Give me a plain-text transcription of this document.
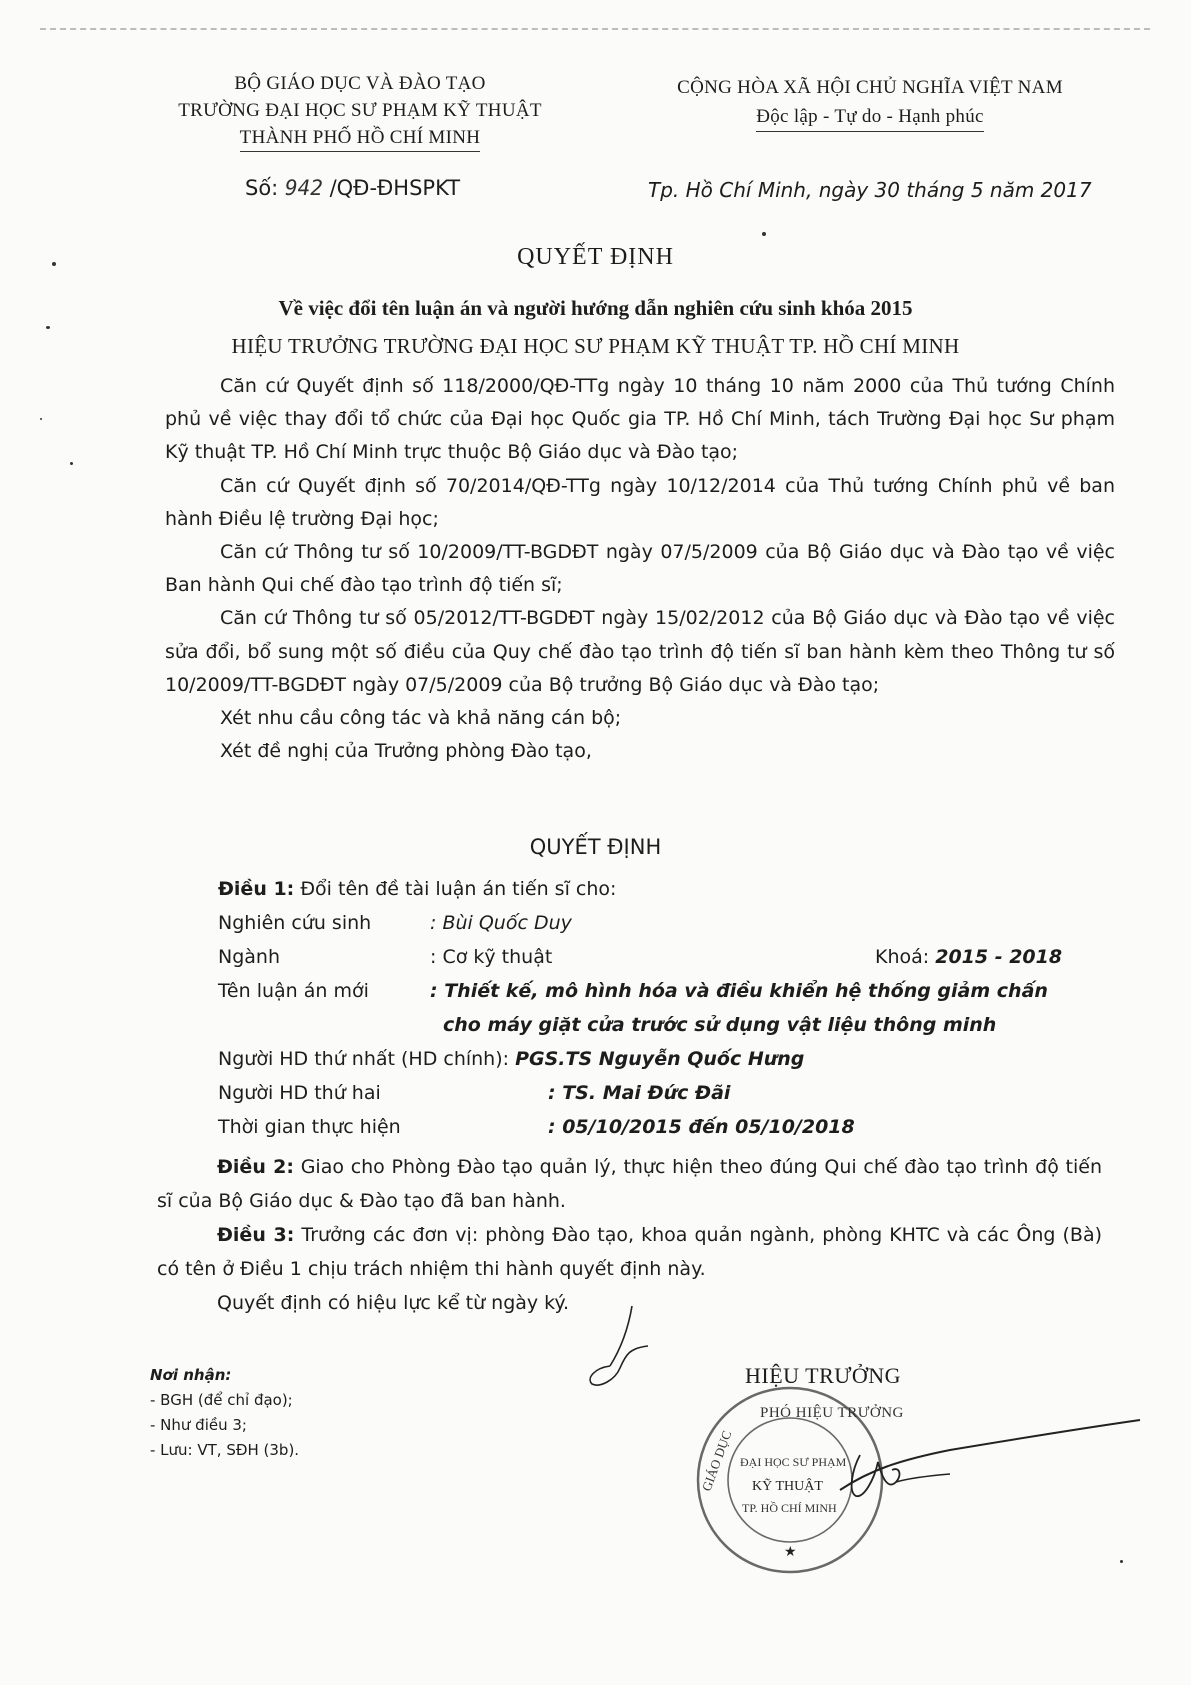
BỘ GIÁO DỤC VÀ ĐÀO TẠO
TRƯỜNG ĐẠI HỌC SƯ PHẠM KỸ THUẬT
THÀNH PHỐ HỒ CHÍ MINH
CỘNG HÒA XÃ HỘI CHỦ NGHĨA VIỆT NAM
Độc lập - Tự do - Hạnh phúc
Số: 942 /QĐ-ĐHSPKT	Tp. Hồ Chí Minh, ngày 30 tháng 5 năm 2017
QUYẾT ĐỊNH
Về việc đổi tên luận án và người hướng dẫn nghiên cứu sinh khóa 2015
HIỆU TRƯỞNG TRƯỜNG ĐẠI HỌC SƯ PHẠM KỸ THUẬT TP. HỒ CHÍ MINH

Căn cứ Quyết định số 118/2000/QĐ-TTg ngày 10 tháng 10 năm 2000 của Thủ tướng Chính phủ về việc thay đổi tổ chức của Đại học Quốc gia TP. Hồ Chí Minh, tách Trường Đại học Sư phạm Kỹ thuật TP. Hồ Chí Minh trực thuộc Bộ Giáo dục và Đào tạo;

Căn cứ Quyết định số 70/2014/QĐ-TTg ngày 10/12/2014 của Thủ tướng Chính phủ về ban hành Điều lệ trường Đại học;

Căn cứ Thông tư số 10/2009/TT-BGDĐT ngày 07/5/2009 của Bộ Giáo dục và Đào tạo về việc Ban hành Qui chế đào tạo trình độ tiến sĩ;

Căn cứ Thông tư số 05/2012/TT-BGDĐT ngày 15/02/2012 của Bộ Giáo dục và Đào tạo về việc sửa đổi, bổ sung một số điều của Quy chế đào tạo trình độ tiến sĩ ban hành kèm theo Thông tư số 10/2009/TT-BGDĐT ngày 07/5/2009 của Bộ trưởng Bộ Giáo dục và Đào tạo;

Xét nhu cầu công tác và khả năng cán bộ;

Xét đề nghị của Trưởng phòng Đào tạo,

QUYẾT ĐỊNH
Điều 1: Đổi tên đề tài luận án tiến sĩ cho:
Nghiên cứu sinh	: Bùi Quốc Duy
Ngành	: Cơ kỹ thuật	Khoá: 2015 - 2018
Tên luận án mới	: Thiết kế, mô hình hóa và điều khiển hệ thống giảm chấn
cho máy giặt cửa trước sử dụng vật liệu thông minh
Người HD thứ nhất (HD chính): PGS.TS Nguyễn Quốc Hưng
Người HD thứ hai	: TS. Mai Đức Đãi
Thời gian thực hiện	: 05/10/2015 đến 05/10/2018
Điều 2: Giao cho Phòng Đào tạo quản lý, thực hiện theo đúng Qui chế đào tạo trình độ tiến sĩ của Bộ Giáo dục & Đào tạo đã ban hành.
Điều 3: Trưởng các đơn vị: phòng Đào tạo, khoa quản ngành, phòng KHTC và các Ông (Bà) có tên ở Điều 1 chịu trách nhiệm thi hành quyết định này.
Quyết định có hiệu lực kể từ ngày ký.
Nơi nhận:
- BGH (để chỉ đạo);
- Như điều 3;
- Lưu: VT, SĐH (3b).
HIỆU TRƯỞNG
PHÓ HIỆU TRƯỞNG
GIÁO DỤC ĐẠI HỌC SƯ PHẠM
KỸ THUẬT
TP. HỒ CHÍ MINH
★
